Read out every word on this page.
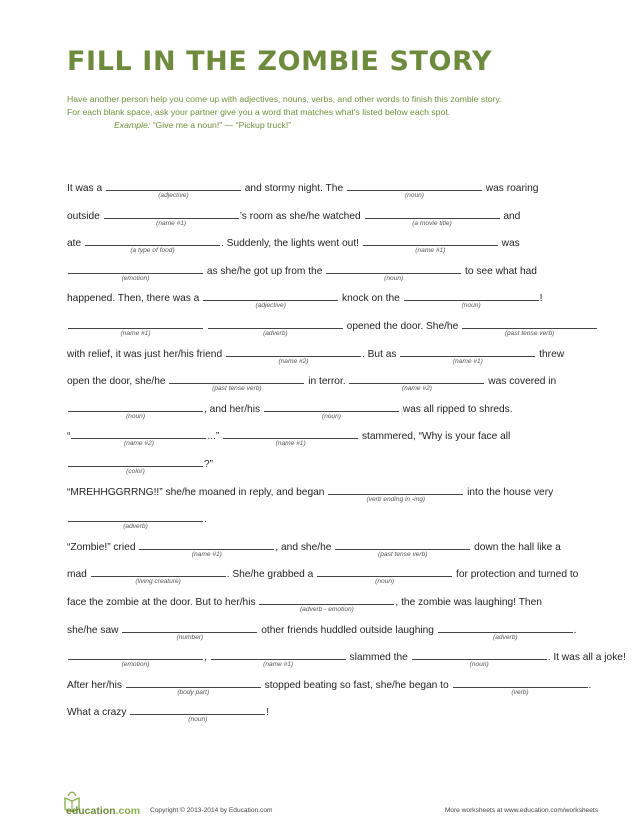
FILL IN THE ZOMBIE STORY

Have another person help you come up with adjectives, nouns, verbs, and other words to finish this zombie story.

For each blank space, ask your partner give you a word that matches what's listed below each spot.

Example: “Give me a noun!” — “Pickup truck!”

It was a
(adjective)
and stormy night. The
(noun)
was roaring
outside
(name #1)
’s room as she/he watched
(a movie title)
and
ate
(a type of food)
. Suddenly, the lights went out!
(name #1)
was
(emotion)
as she/he got up from the
(noun)
to see what had
happened. Then, there was a
(adjective)
knock on the
(noun)
!
(name #1)
	(adverb)
opened the door. She/he
(past tense verb)
with relief, it was just her/his friend
(name #2)
. But as
(name #1)
threw
open the door, she/he
(past tense verb)
in terror.
(name #2)
was covered in
(noun)
, and her/his
(noun)
was all ripped to shreds.
“
(name #2)
...”
(name #1)
stammered, “Why is your face all
(color)
?”
“MREHHGGRRNG!!” she/he moaned in reply, and began
(verb ending in -ing)
into the house very
(adverb)
.
“Zombie!” cried
(name #1)
, and she/he
(past tense verb)
down the hall like a
mad
(living creature)
. She/he grabbed a
(noun)
for protection and turned to
face the zombie at the door. But to her/his
(adverb - emotion)
, the zombie was laughing! Then
she/he saw
(number)
other friends huddled outside laughing
(adverb)
.
(emotion)
,
(name #1)
slammed the
(noun)
. It was all a joke!
After her/his
(body part)
stopped beating so fast, she/he began to
(verb)
.
What a crazy
(noun)
!
education.com Copyright © 2013-2014 by Education.com	More worksheets at www.education.com/worksheets
